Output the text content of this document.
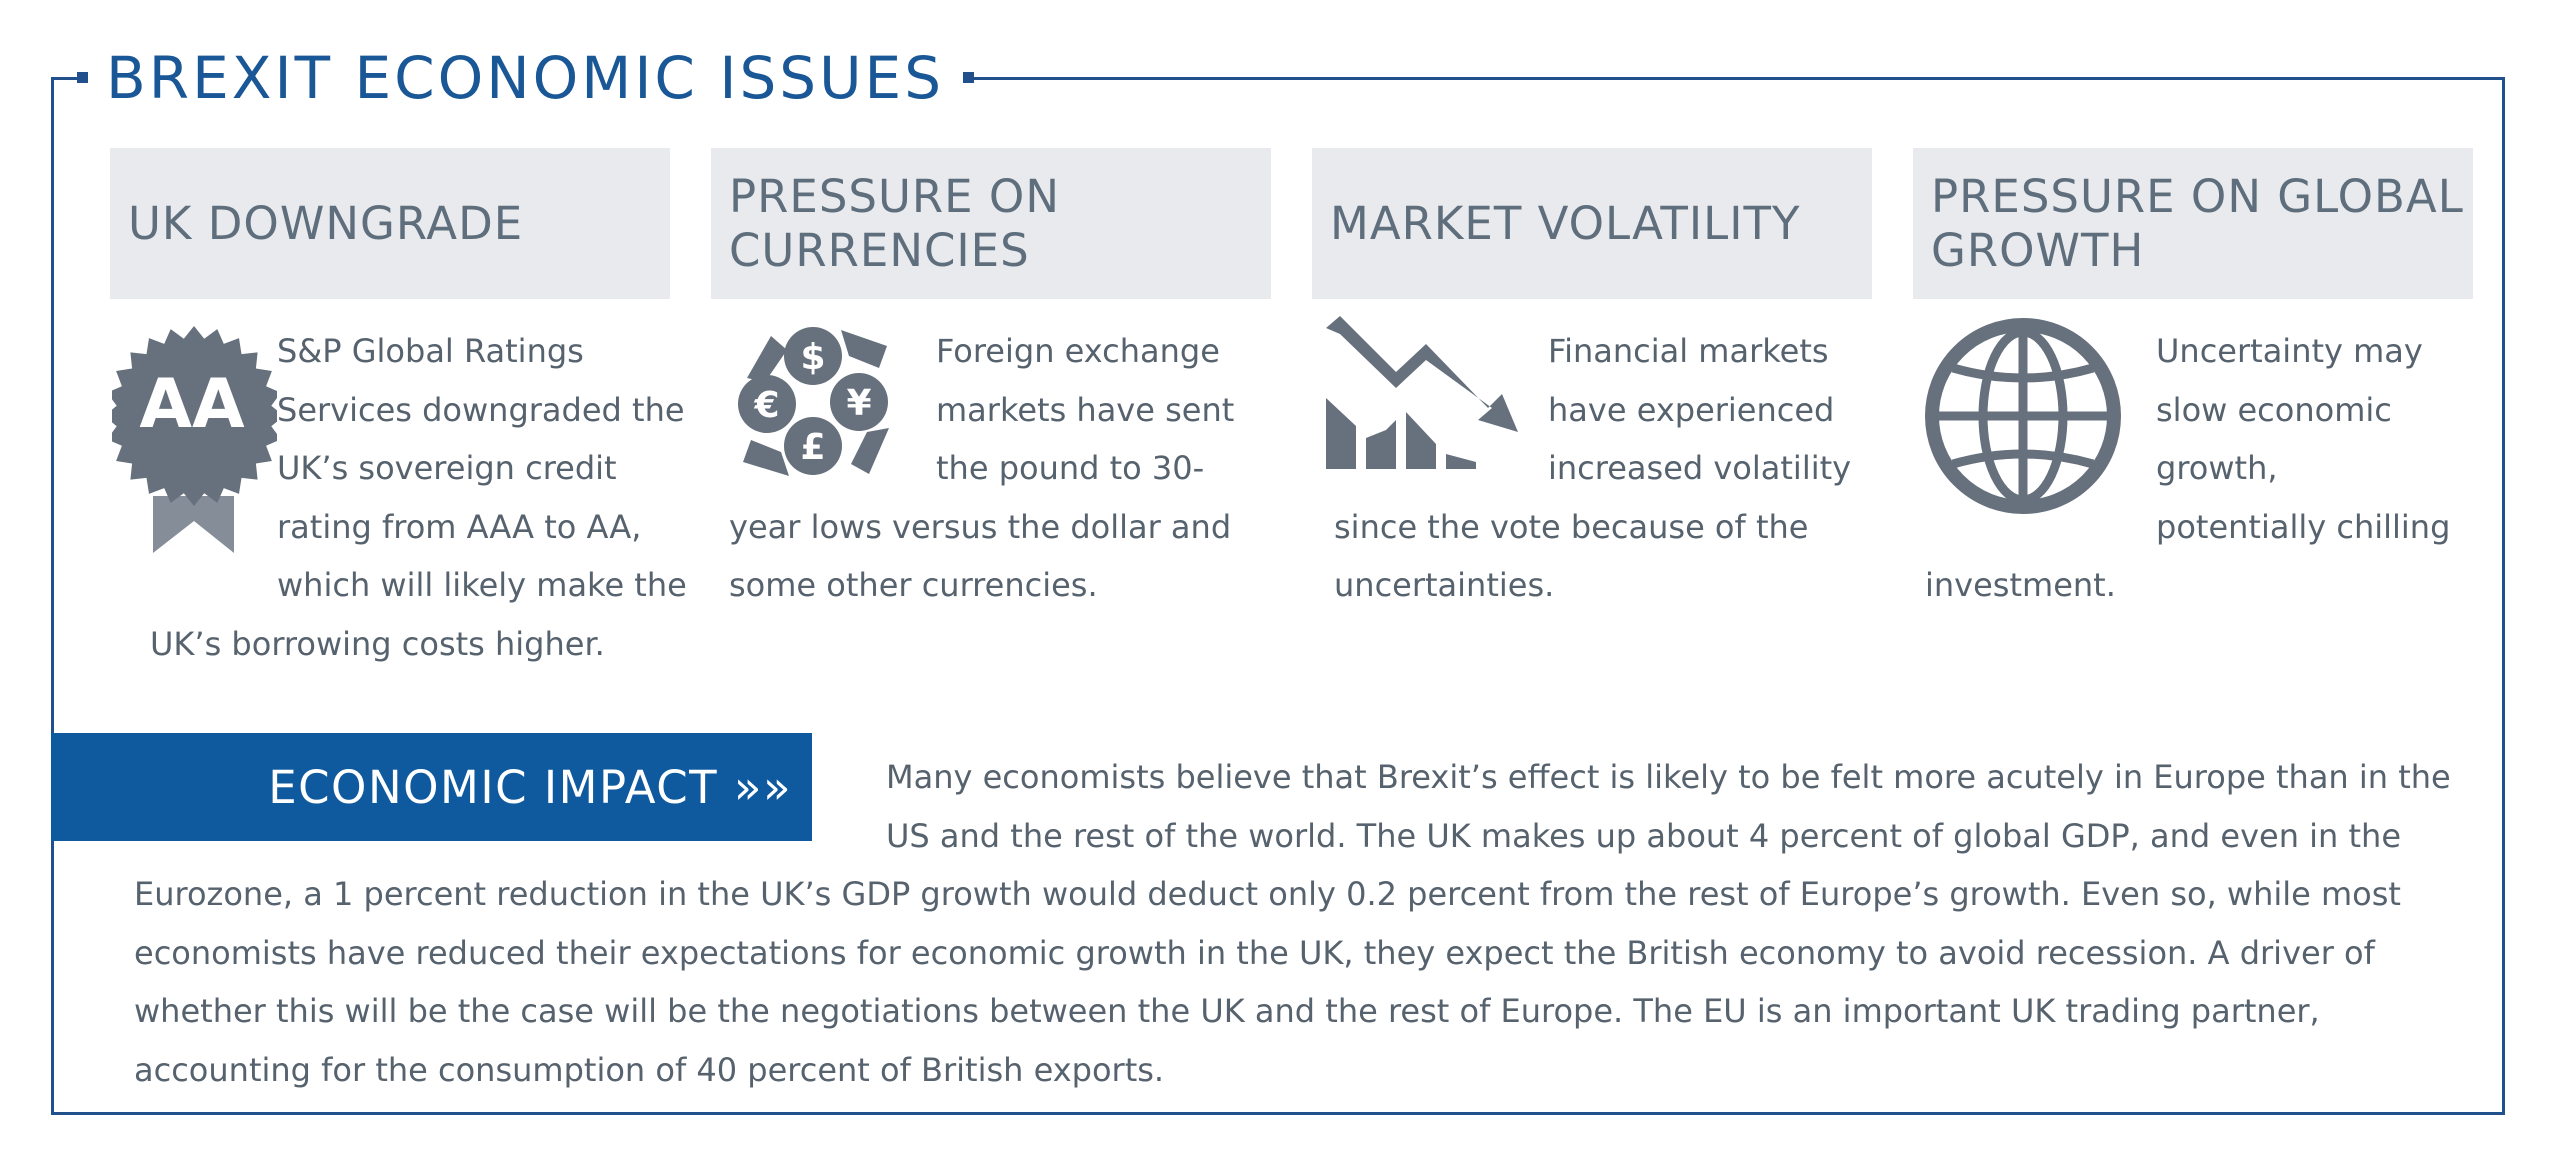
BREXIT ECONOMIC ISSUES
UK DOWNGRADE
AA

S&P Global Ratings Services downgraded the UK’s sovereign credit rating from AAA to AA, which will likely make the UK’s borrowing costs higher.

PRESSURE ON CURRENCIES
$
€ ¥
£

Foreign exchange markets have sent the pound to 30-year lows versus the dollar and some other currencies.

MARKET VOLATILITY

Financial markets have experienced increased volatility since the vote because of the uncertainties.

PRESSURE ON GLOBAL GROWTH

Uncertainty may slow economic growth, potentially chilling investment.

ECONOMIC IMPACT »»	Many economists believe that Brexit’s effect is likely to be felt more acutely in Europe than in the US and the rest of the world. The UK makes up about 4 percent of global GDP, and even in the Eurozone, a 1 percent reduction in the UK’s GDP growth would deduct only 0.2 percent from the rest of Europe’s growth. Even so, while most economists have reduced their expectations for economic growth in the UK, they expect the British economy to avoid recession. A driver of whether this will be the case will be the negotiations between the UK and the rest of Europe. The EU is an important UK trading partner, accounting for the consumption of 40 percent of British exports.
